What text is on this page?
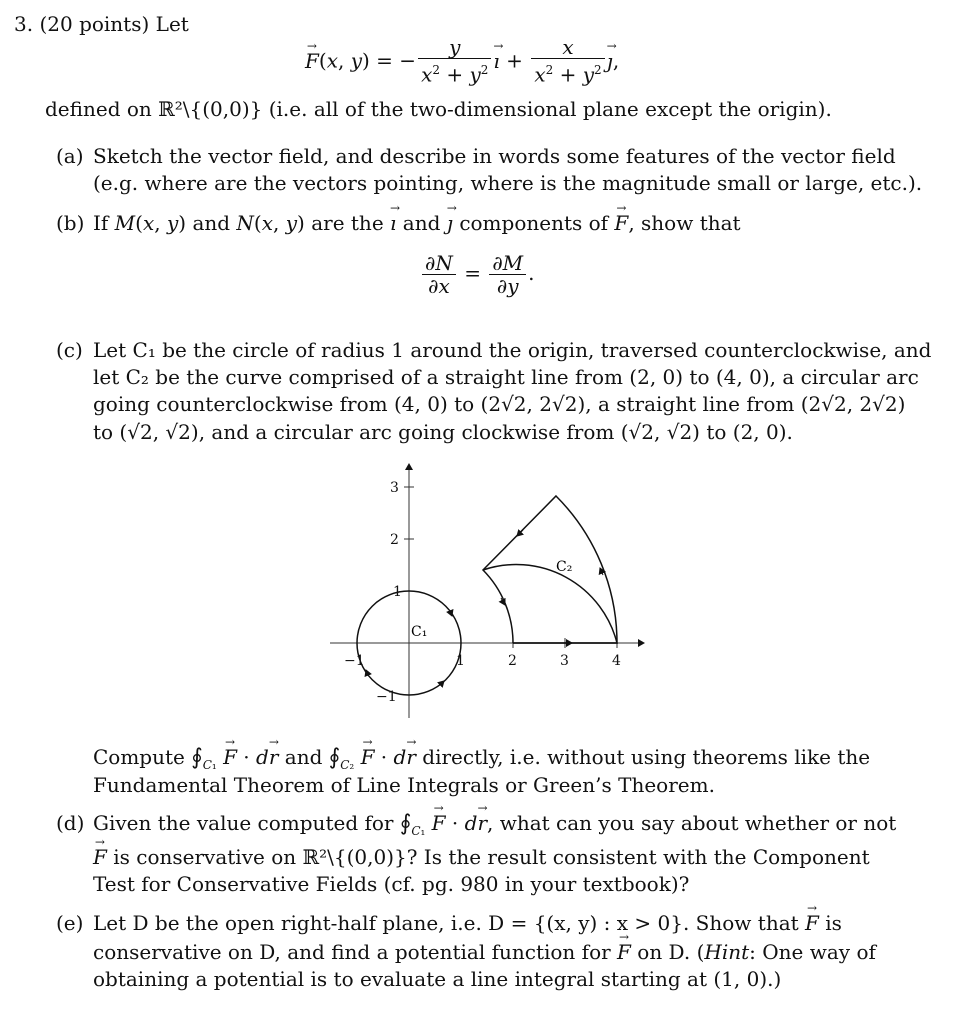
3. (20 points) Let
→ F(x, y) = − $\frac{y}{x^2 + y^2}$ → ı + $\frac{x}{x^2 + y^2}$ → ȷ,
defined on ℝ²\{(0,0)} (i.e. all of the two-dimensional plane except the origin).
(a) Sketch the vector field, and describe in words some features of the vector field
(e.g. where are the vectors pointing, where is the magnitude small or large, etc.).
(b) If M(x, y) and N(x, y) are the → ı and → ȷ components of → F, show that
$\frac{\partial N}{\partial x} = \frac{\partial M}{\partial y}$ .
(c) Let C₁ be the circle of radius 1 around the origin, traversed counterclockwise, and
let C₂ be the curve comprised of a straight line from (2, 0) to (4, 0), a circular arc
going counterclockwise from (4, 0) to (2√2, 2√2), a straight line from (2√2, 2√2)
to (√2, √2), and a circular arc going clockwise from (√2, √2) to (2, 0).
−1	1	2	3	4
3
2
1
−1
C₁
C₂
Compute $∮_{C_1} \to F \cdot d\to r$ and $∮_{C_2} \to F \cdot d\to r$ directly, i.e. without using theorems like the
Fundamental Theorem of Line Integrals or Green’s Theorem.
(d) Given the value computed for $∮_{C_1} \to F \cdot d\to r$, what can you say about whether or not
→ F is conservative on ℝ²\{(0,0)}? Is the result consistent with the Component
Test for Conservative Fields (cf. pg. 980 in your textbook)?
(e) Let D be the open right-half plane, i.e. D = {(x, y) : x > 0}. Show that → F is
conservative on D, and find a potential function for → F on D. (Hint: One way of
obtaining a potential is to evaluate a line integral starting at (1, 0).)
